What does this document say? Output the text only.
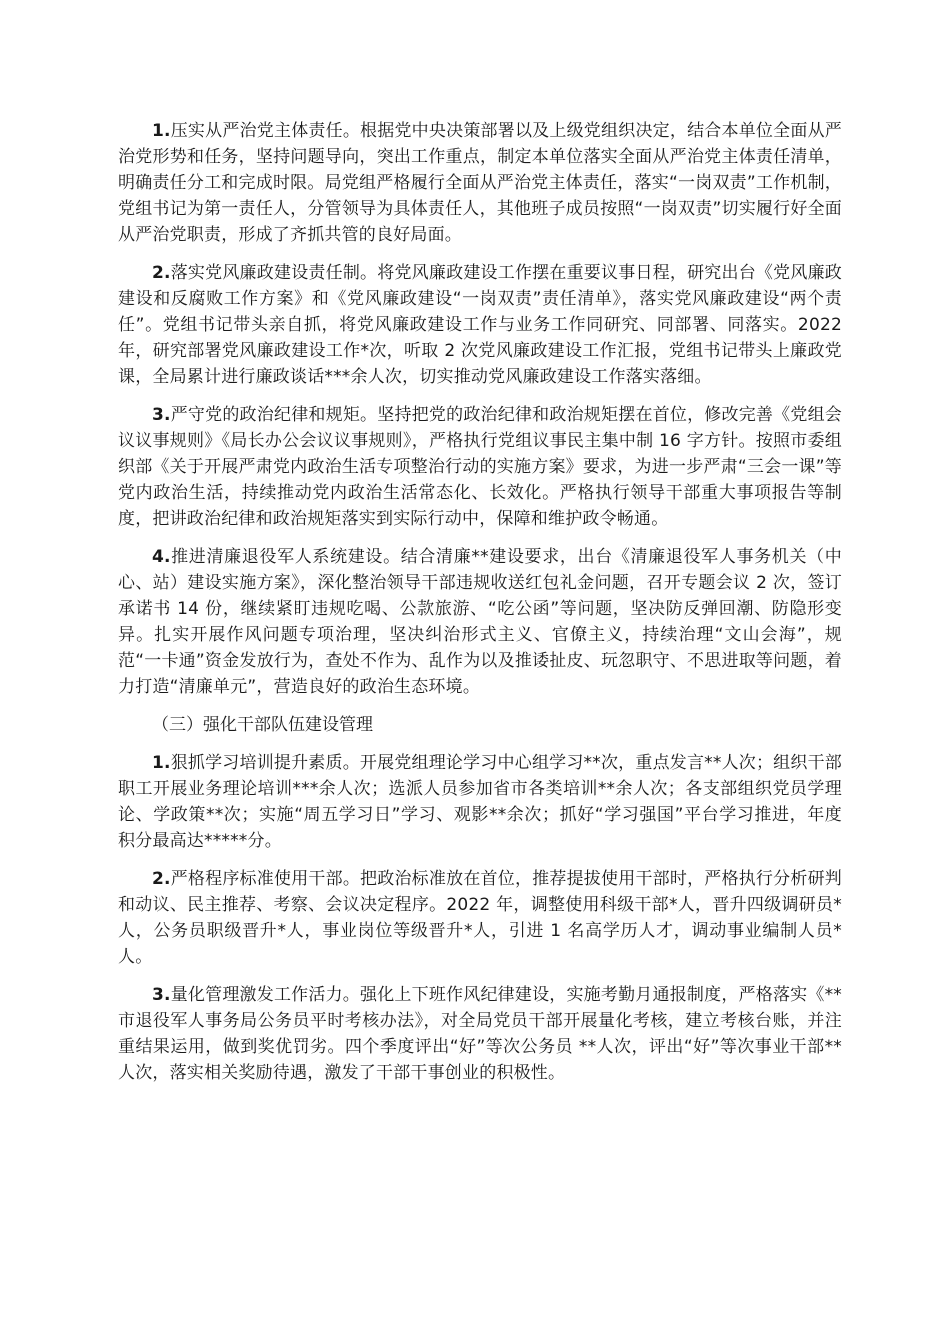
1.压实从严治党主体责任。根据党中央决策部署以及上级党组织决定，结合本单位全面从严治党形势和任务，坚持问题导向，突出工作重点，制定本单位落实全面从严治党主体责任清单，明确责任分工和完成时限。局党组严格履行全面从严治党主体责任，落实“一岗双责”工作机制，党组书记为第一责任人，分管领导为具体责任人，其他班子成员按照“一岗双责”切实履行好全面从严治党职责，形成了齐抓共管的良好局面。

2.落实党风廉政建设责任制。将党风廉政建设工作摆在重要议事日程，研究出台《党风廉政建设和反腐败工作方案》和《党风廉政建设“一岗双责”责任清单》，落实党风廉政建设“两个责任”。党组书记带头亲自抓，将党风廉政建设工作与业务工作同研究、同部署、同落实。2022 年，研究部署党风廉政建设工作*次，听取 2 次党风廉政建设工作汇报，党组书记带头上廉政党课，全局累计进行廉政谈话***余人次，切实推动党风廉政建设工作落实落细。

3.严守党的政治纪律和规矩。坚持把党的政治纪律和政治规矩摆在首位，修改完善《党组会议议事规则》《局长办公会议议事规则》，严格执行党组议事民主集中制 16 字方针。按照市委组织部《关于开展严肃党内政治生活专项整治行动的实施方案》要求，为进一步严肃“三会一课”等党内政治生活，持续推动党内政治生活常态化、长效化。严格执行领导干部重大事项报告等制度，把讲政治纪律和政治规矩落实到实际行动中，保障和维护政令畅通。

4.推进清廉退役军人系统建设。结合清廉**建设要求，出台《清廉退役军人事务机关（中心、站）建设实施方案》，深化整治领导干部违规收送红包礼金问题，召开专题会议 2 次，签订承诺书 14 份，继续紧盯违规吃喝、公款旅游、“吃公函”等问题，坚决防反弹回潮、防隐形变异。扎实开展作风问题专项治理，坚决纠治形式主义、官僚主义，持续治理“文山会海”，规范“一卡通”资金发放行为，查处不作为、乱作为以及推诿扯皮、玩忽职守、不思进取等问题，着力打造“清廉单元”，营造良好的政治生态环境。

（三）强化干部队伍建设管理

1.狠抓学习培训提升素质。开展党组理论学习中心组学习**次，重点发言**人次；组织干部职工开展业务理论培训***余人次；选派人员参加省市各类培训**余人次；各支部组织党员学理论、学政策**次；实施“周五学习日”学习、观影**余次；抓好“学习强国”平台学习推进，年度积分最高达*****分。

2.严格程序标准使用干部。把政治标准放在首位，推荐提拔使用干部时，严格执行分析研判和动议、民主推荐、考察、会议决定程序。2022 年，调整使用科级干部*人，晋升四级调研员*人，公务员职级晋升*人，事业岗位等级晋升*人，引进 1 名高学历人才，调动事业编制人员*人。

3.量化管理激发工作活力。强化上下班作风纪律建设，实施考勤月通报制度，严格落实《**市退役军人事务局公务员平时考核办法》，对全局党员干部开展量化考核，建立考核台账，并注重结果运用，做到奖优罚劣。四个季度评出“好”等次公务员 **人次，评出“好”等次事业干部**人次，落实相关奖励待遇，激发了干部干事创业的积极性。
